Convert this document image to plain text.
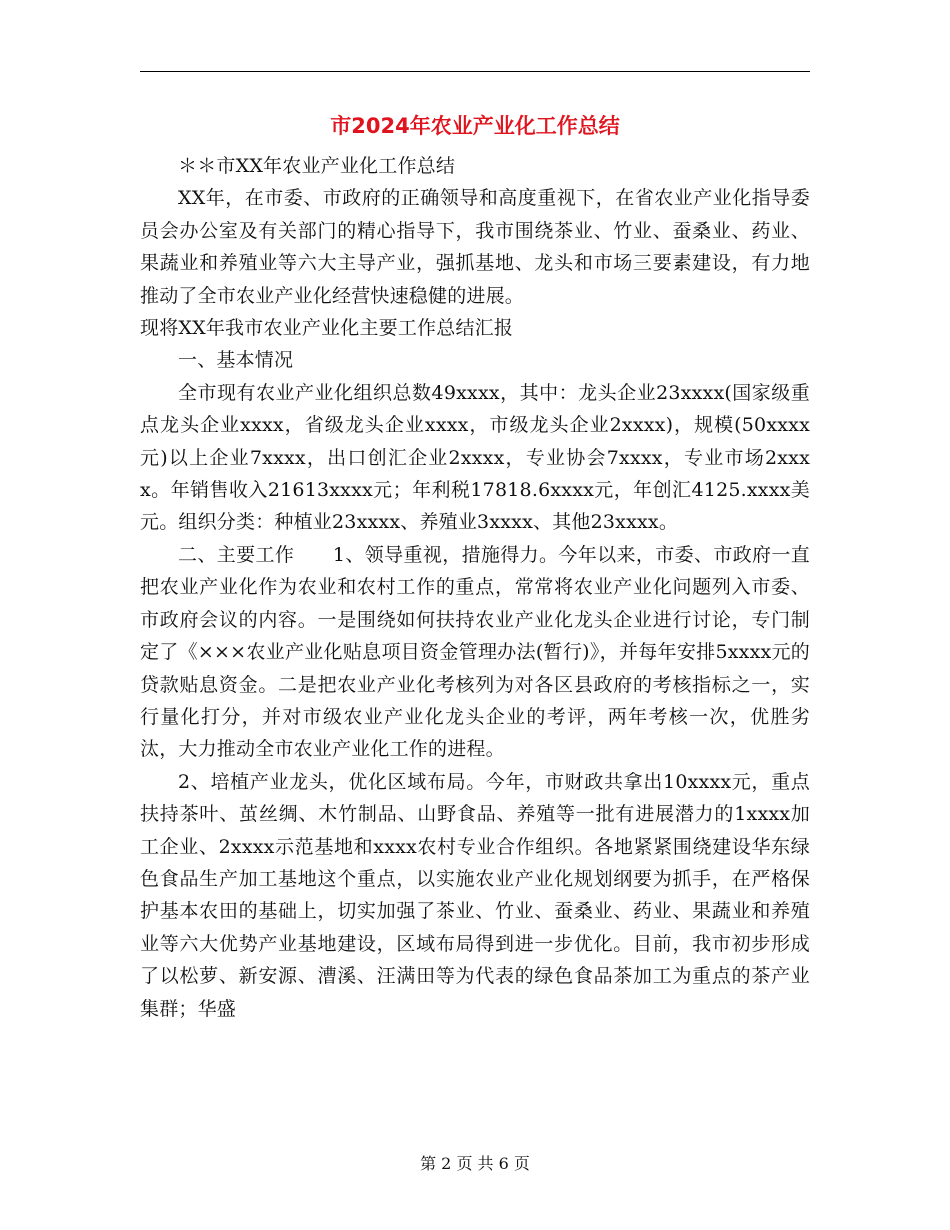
市2024年农业产业化工作总结

＊＊市XX年农业产业化工作总结

XX年，在市委、市政府的正确领导和高度重视下，在省农业产业化指导委员会办公室及有关部门的精心指导下，我市围绕茶业、竹业、蚕桑业、药业、果蔬业和养殖业等六大主导产业，强抓基地、龙头和市场三要素建设，有力地推动了全市农业产业化经营快速稳健的进展。

现将XX年我市农业产业化主要工作总结汇报

一、基本情况

全市现有农业产业化组织总数49xxxx，其中：龙头企业23xxxx(国家级重点龙头企业xxxx，省级龙头企业xxxx，市级龙头企业2xxxx)，规模(50xxxx元)以上企业7xxxx，出口创汇企业2xxxx，专业协会7xxxx，专业市场2xxxx。年销售收入21613xxxx元；年利税17818.6xxxx元，年创汇4125.xxxx美元。组织分类：种植业23xxxx、养殖业3xxxx、其他23xxxx。

二、主要工作　　1、领导重视，措施得力。今年以来，市委、市政府一直把农业产业化作为农业和农村工作的重点，常常将农业产业化问题列入市委、市政府会议的内容。一是围绕如何扶持农业产业化龙头企业进行讨论，专门制定了《×××农业产业化贴息项目资金管理办法(暂行)》，并每年安排5xxxx元的贷款贴息资金。二是把农业产业化考核列为对各区县政府的考核指标之一，实行量化打分，并对市级农业产业化龙头企业的考评，两年考核一次，优胜劣汰，大力推动全市农业产业化工作的进程。

2、培植产业龙头，优化区域布局。今年，市财政共拿出10xxxx元，重点扶持茶叶、茧丝绸、木竹制品、山野食品、养殖等一批有进展潜力的1xxxx加工企业、2xxxx示范基地和xxxx农村专业合作组织。各地紧紧围绕建设华东绿色食品生产加工基地这个重点，以实施农业产业化规划纲要为抓手，在严格保护基本农田的基础上，切实加强了茶业、竹业、蚕桑业、药业、果蔬业和养殖业等六大优势产业基地建设，区域布局得到进一步优化。目前，我市初步形成了以松萝、新安源、漕溪、汪满田等为代表的绿色食品茶加工为重点的茶产业集群；华盛

第 2 页 共 6 页
